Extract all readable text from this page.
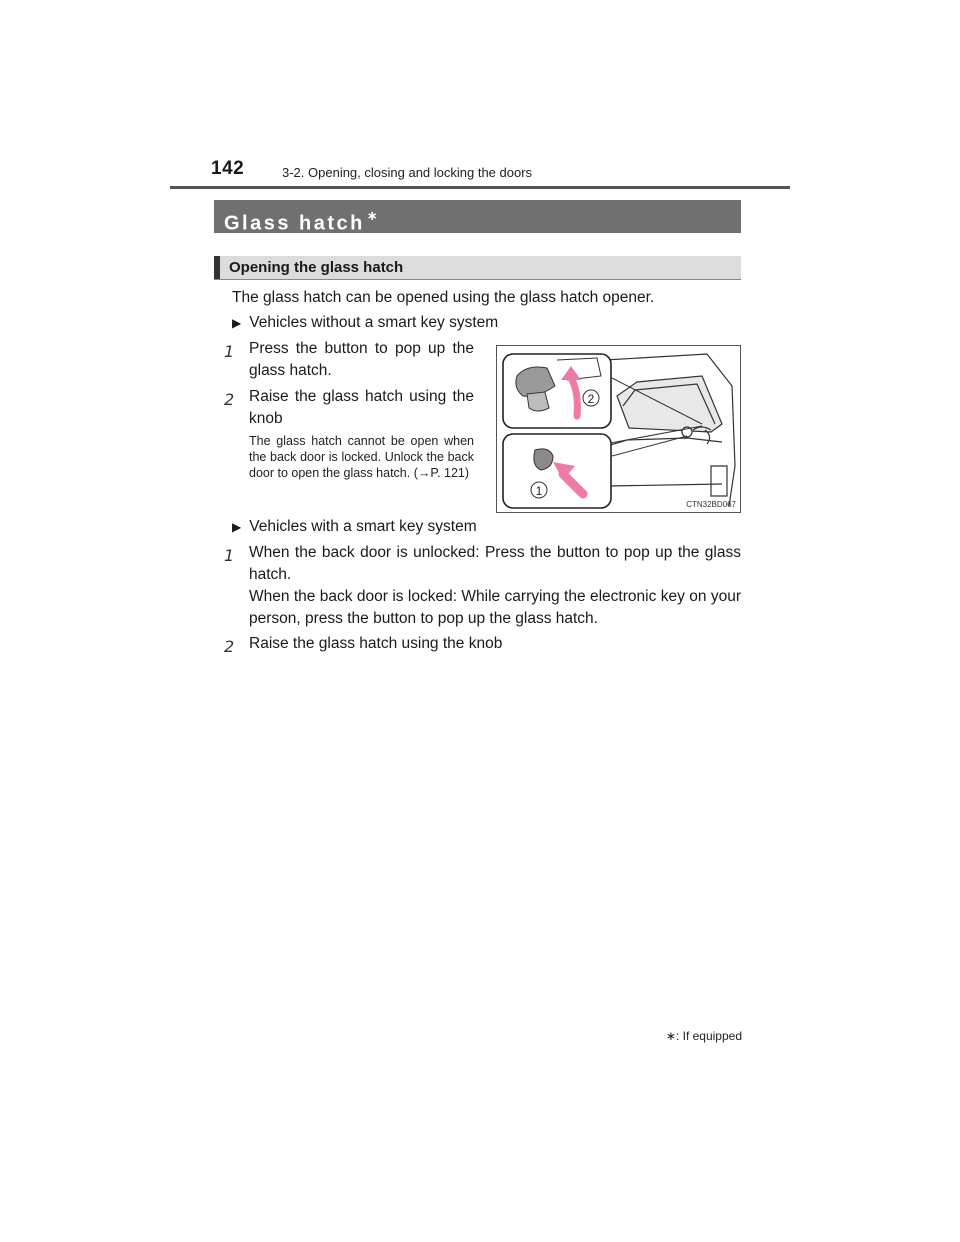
142	3-2. Opening, closing and locking the doors
Glass hatch ∗
Opening the glass hatch
The glass hatch can be opened using the glass hatch opener.
▶ Vehicles without a smart key system
1 Press the button to pop up the glass hatch.
2 Raise the glass hatch using the knob
The glass hatch cannot be open when the back door is locked. Unlock the back door to open the glass hatch. (→P. 121)
2
1
CTN32BD067
▶ Vehicles with a smart key system
1 When the back door is unlocked: Press the button to pop up the glass hatch.
When the back door is locked: While carrying the electronic key on your person, press the button to pop up the glass hatch.
2 Raise the glass hatch using the knob
∗: If equipped
